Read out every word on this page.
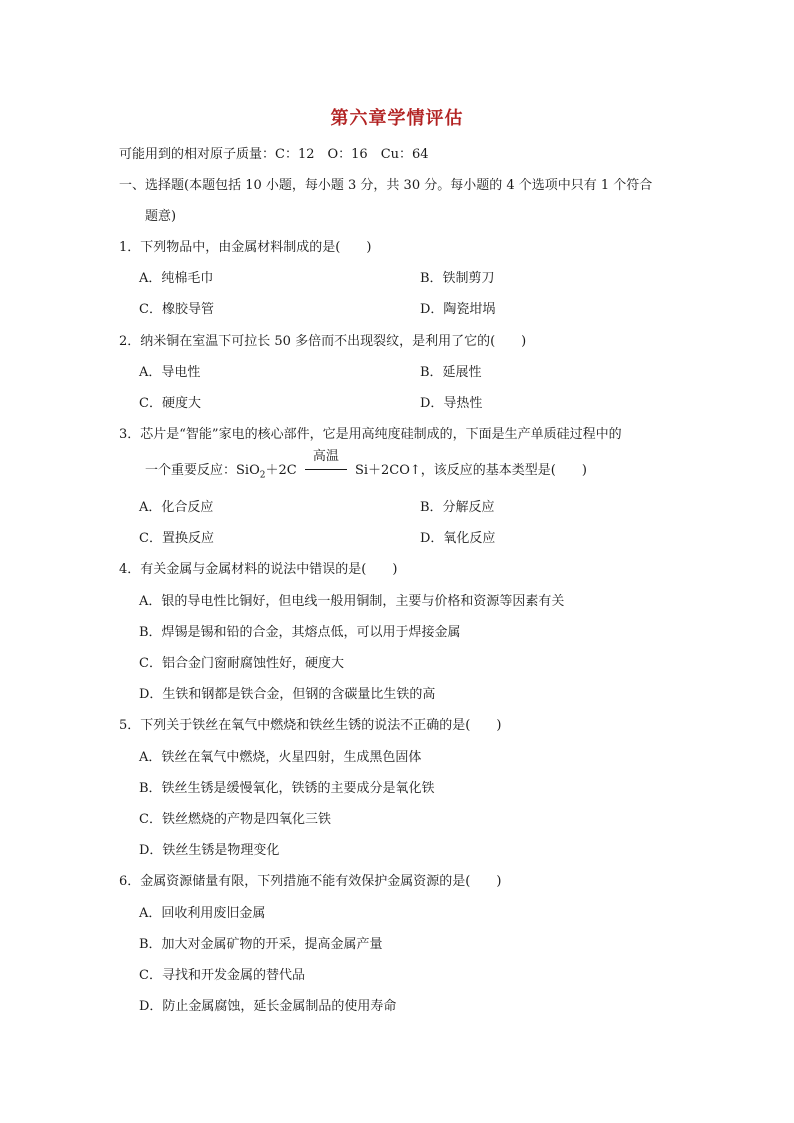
第六章学情评估
可能用到的相对原子质量：C：12　O：16　Cu：64
一、选择题(本题包括 10 小题，每小题 3 分，共 30 分。每小题的 4 个选项中只有 1 个符合
题意)
1．下列物品中，由金属材料制成的是(　　)
A．纯棉毛巾	B．铁制剪刀
C．橡胶导管	D．陶瓷坩埚
2．纳米铜在室温下可拉长 50 多倍而不出现裂纹，是利用了它的(　　)
A．导电性	B．延展性
C．硬度大	D．导热性
3．芯片是“智能”家电的核心部件，它是用高纯度硅制成的，下面是生产单质硅过程中的
一个重要反应：SiO$_2$＋2C
高温
Si＋2CO↑，该反应的基本类型是(　　)
A．化合反应	B．分解反应
C．置换反应	D．氧化反应
4．有关金属与金属材料的说法中错误的是(　　)
A．银的导电性比铜好，但电线一般用铜制，主要与价格和资源等因素有关
B．焊锡是锡和铅的合金，其熔点低，可以用于焊接金属
C．铝合金门窗耐腐蚀性好，硬度大
D．生铁和钢都是铁合金，但钢的含碳量比生铁的高
5．下列关于铁丝在氧气中燃烧和铁丝生锈的说法不正确的是(　　)
A．铁丝在氧气中燃烧，火星四射，生成黑色固体
B．铁丝生锈是缓慢氧化，铁锈的主要成分是氧化铁
C．铁丝燃烧的产物是四氧化三铁
D．铁丝生锈是物理变化
6．金属资源储量有限，下列措施不能有效保护金属资源的是(　　)
A．回收利用废旧金属
B．加大对金属矿物的开采，提高金属产量
C．寻找和开发金属的替代品
D．防止金属腐蚀，延长金属制品的使用寿命
